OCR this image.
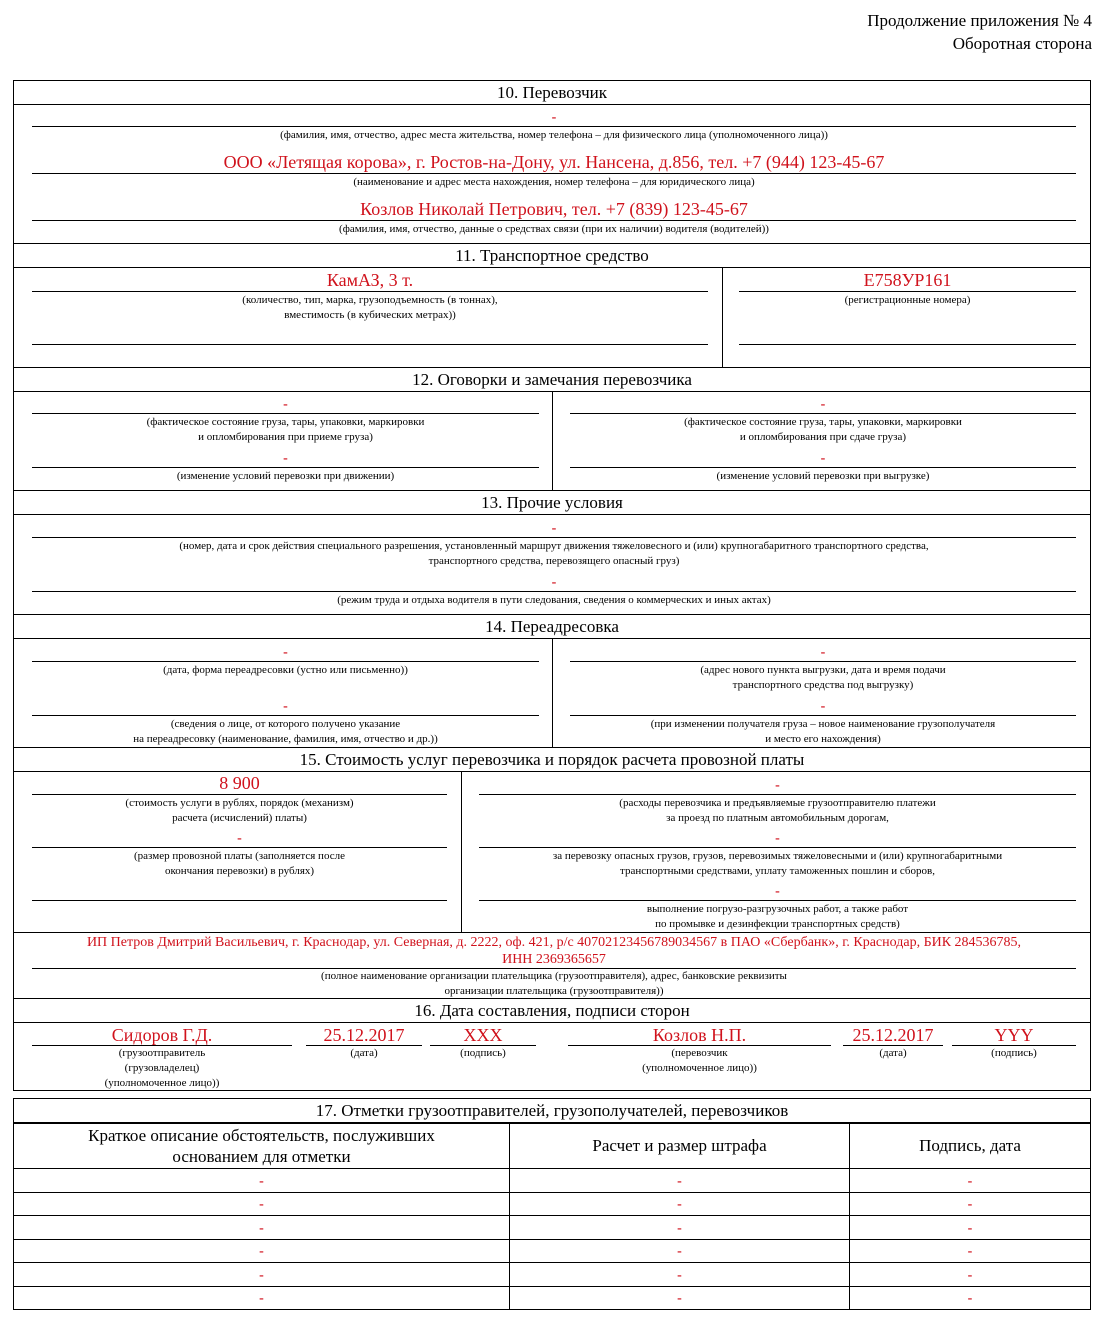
Продолжение приложения № 4
Оборотная сторона
10. Перевозчик
-
(фамилия, имя, отчество, адрес места жительства, номер телефона – для физического лица (уполномоченного лица))
ООО «Летящая корова», г. Ростов-на-Дону, ул. Нансена, д.856, тел. +7 (944) 123-45-67
(наименование и адрес места нахождения, номер телефона – для юридического лица)
Козлов Николай Петрович, тел. +7 (839) 123-45-67
(фамилия, имя, отчество, данные о средствах связи (при их наличии) водителя (водителей))
11. Транспортное средство
КамАЗ, 3 т.
(количество, тип, марка, грузоподъемность (в тоннах),
вместимость (в кубических метрах))
Е758УР161
(регистрационные номера)
12. Оговорки и замечания перевозчика
-
(фактическое состояние груза, тары, упаковки, маркировки
и опломбирования при приеме груза)
-
(изменение условий перевозки при движении)
-
(фактическое состояние груза, тары, упаковки, маркировки
и опломбирования при сдаче груза)
-
(изменение условий перевозки при выгрузке)
13. Прочие условия
-
(номер, дата и срок действия специального разрешения, установленный маршрут движения тяжеловесного и (или) крупногабаритного транспортного средства,
транспортного средства, перевозящего опасный груз)
-
(режим труда и отдыха водителя в пути следования, сведения о коммерческих и иных актах)
14. Переадресовка
-
(дата, форма переадресовки (устно или письменно))
-
(сведения о лице, от которого получено указание
на переадресовку (наименование, фамилия, имя, отчество и др.))
-
(адрес нового пункта выгрузки, дата и время подачи
транспортного средства под выгрузку)
-
(при изменении получателя груза – новое наименование грузополучателя
и место его нахождения)
15. Стоимость услуг перевозчика и порядок расчета провозной платы
8 900
(стоимость услуги в рублях, порядок (механизм)
расчета (исчислений) платы)
-
(размер провозной платы (заполняется после
окончания перевозки) в рублях)
-
(расходы перевозчика и предъявляемые грузоотправителю платежи
за проезд по платным автомобильным дорогам,
-
за перевозку опасных грузов, грузов, перевозимых тяжеловесными и (или) крупногабаритными
транспортными средствами, уплату таможенных пошлин и сборов,
-
выполнение погрузо-разгрузочных работ, а также работ
по промывке и дезинфекции транспортных средств)
ИП Петров Дмитрий Васильевич, г. Краснодар, ул. Северная, д. 2222, оф. 421, р/с 40702123456789034567 в ПАО «Сбербанк», г. Краснодар, БИК 284536785,
ИНН 2369365657
(полное наименование организации плательщика (грузоотправителя), адрес, банковские реквизиты
организации плательщика (грузоотправителя))
16. Дата составления, подписи сторон
Сидоров Г.Д.
(грузоотправитель
(грузовладелец)
(уполномоченное лицо))
25.12.2017
(дата)
XXX
(подпись)
Козлов Н.П.
(перевозчик
(уполномоченное лицо))
25.12.2017
(дата)
YYY
(подпись)
17. Отметки грузоотправителей, грузополучателей, перевозчиков
Краткое описание обстоятельств, послуживших
основанием для отметки	Расчет и размер штрафа	Подпись, дата
-	-	-
-	-	-
-	-	-
-	-	-
-	-	-
-	-	-
